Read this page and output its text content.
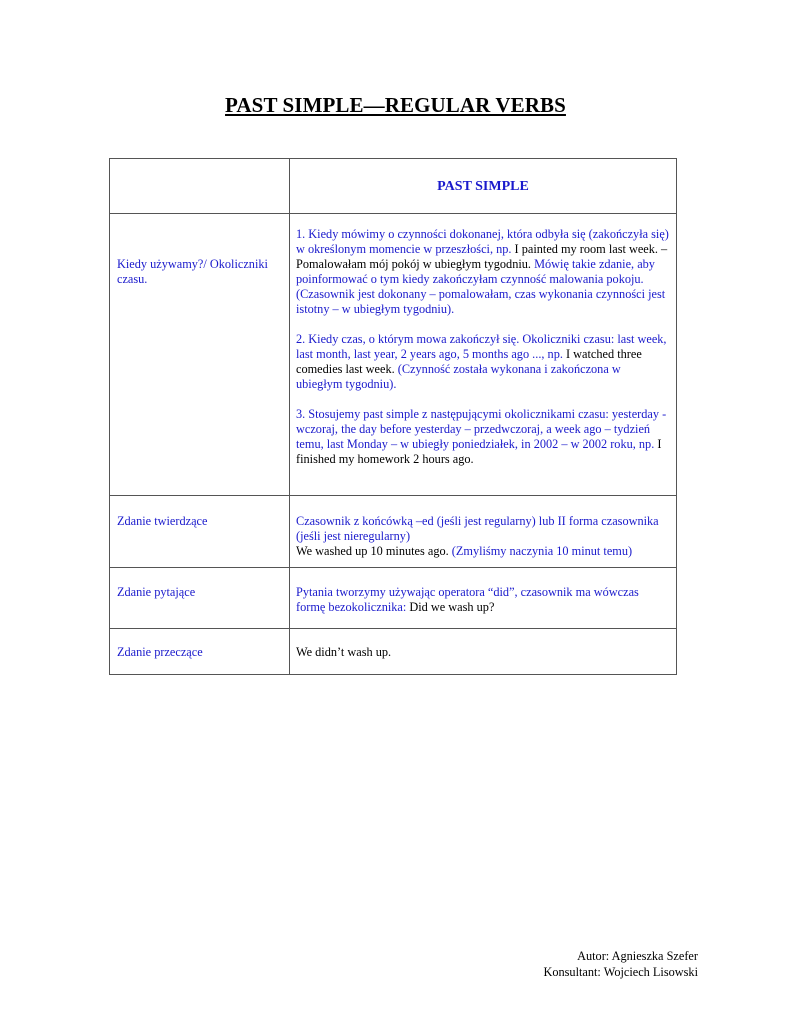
PAST SIMPLE—REGULAR VERBS

	PAST SIMPLE

Kiedy używamy?/ Okoliczniki czasu.	1. Kiedy mówimy o czynności dokonanej, która odbyła się (zakończyła się) w określonym momencie w przeszłości, np. I painted my room last week. – Pomalowałam mój pokój w ubiegłym tygodniu. Mówię takie zdanie, aby poinformować o tym kiedy zakończyłam czynność malowania pokoju. (Czasownik jest dokonany – pomalowałam, czas wykonania czynności jest istotny – w ubiegłym tygodniu).
2. Kiedy czas, o którym mowa zakończył się. Okoliczniki czasu: last week, last month, last year, 2 years ago, 5 months ago ..., np. I watched three comedies last week. (Czynność została wykonana i zakończona w ubiegłym tygodniu).
3. Stosujemy past simple z następującymi okolicznikami czasu: yesterday - wczoraj, the day before yesterday – przedwczoraj, a week ago – tydzień temu, last Monday – w ubiegły poniedziałek, in 2002 – w 2002 roku, np. I finished my homework 2 hours ago.

Zdanie twierdzące	Czasownik z końcówką –ed (jeśli jest regularny) lub II forma czasownika (jeśli jest nieregularny)
We washed up 10 minutes ago. (Zmyliśmy naczynia 10 minut temu)

Zdanie pytające	Pytania tworzymy używając operatora “did”, czasownik ma wówczas formę bezokolicznika: Did we wash up?

Zdanie przeczące	We didn’t wash up.
Autor: Agnieszka Szefer
Konsultant: Wojciech Lisowski
